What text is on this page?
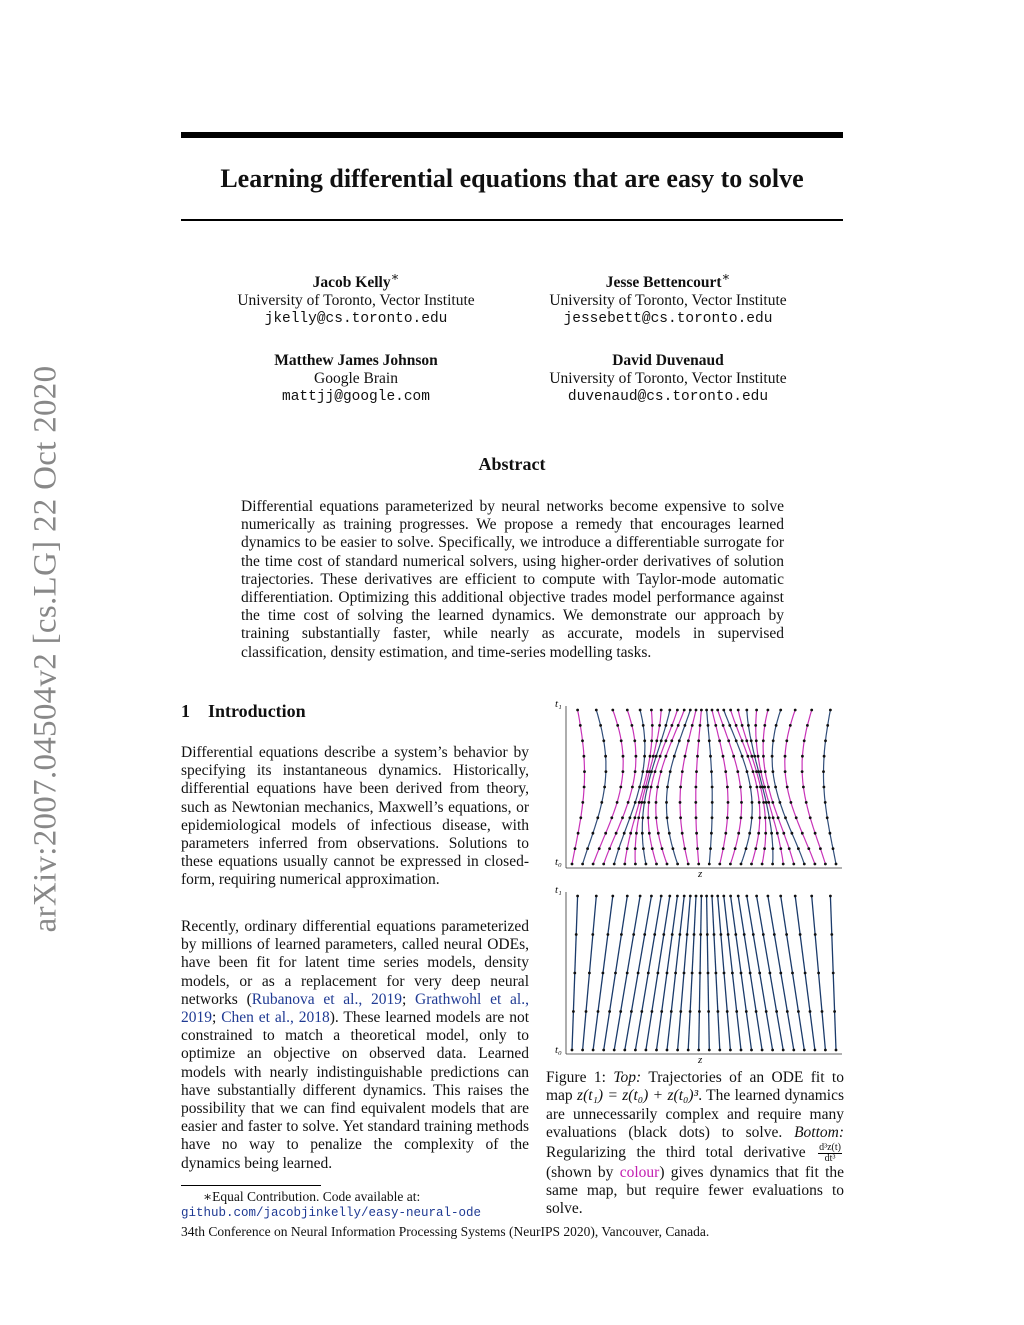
arXiv:2007.04504v2 [cs.LG] 22 Oct 2020
Learning differential equations that are easy to solve
Jacob Kelly∗
University of Toronto, Vector Institute
jkelly@cs.toronto.edu
Jesse Bettencourt∗
University of Toronto, Vector Institute
jessebett@cs.toronto.edu
Matthew James Johnson
Google Brain
mattjj@google.com
David Duvenaud
University of Toronto, Vector Institute
duvenaud@cs.toronto.edu
Abstract
Differential equations parameterized by neural networks become expensive to solve numerically as training progresses. We propose a remedy that encourages learned dynamics to be easier to solve. Specifically, we introduce a differentiable surrogate for the time cost of standard numerical solvers, using higher-order derivatives of solution trajectories. These derivatives are efficient to compute with Taylor-mode automatic differentiation. Optimizing this additional objective trades model performance against the time cost of solving the learned dynamics. We demonstrate our approach by training substantially faster, while nearly as accurate, models in supervised classification, density estimation, and time-series modelling tasks.
1 Introduction
Differential equations describe a system’s behavior by specifying its instantaneous dynamics. Historically, differential equations have been derived from theory, such as Newtonian mechanics, Maxwell’s equations, or epidemiological models of infectious disease, with parameters inferred from observations. Solutions to these equations usually cannot be expressed in closed-form, requiring numerical approximation.
Recently, ordinary differential equations parameterized by millions of learned parameters, called neural ODEs, have been fit for latent time series models, density models, or as a replacement for very deep neural networks (Rubanova et al., 2019; Grathwohl et al., 2019; Chen et al., 2018). These learned models are not constrained to match a theoretical model, only to optimize an objective on observed data. Learned models with nearly indistinguishable predictions can have substantially different dynamics. This raises the possibility that we can find equivalent models that are easier and faster to solve. Yet standard training methods have no way to penalize the complexity of the dynamics being learned.
∗Equal Contribution. Code available at:
github.com/jacobjinkelly/easy-neural-ode
34th Conference on Neural Information Processing Systems (NeurIPS 2020), Vancouver, Canada.
t₁
t₀
z
t₁
t₀
z
Figure 1: Top: Trajectories of an ODE fit to map z(t₁) = z(t₀) + z(t₀)³. The learned dynamics are unnecessarily complex and require many evaluations (black dots) to solve. Bottom: Regularizing the third total derivative $\frac{\text{d³z(t)}}{\text{dt³}}$
(shown by colour) gives dynamics that fit the same map, but require fewer evaluations to solve.
